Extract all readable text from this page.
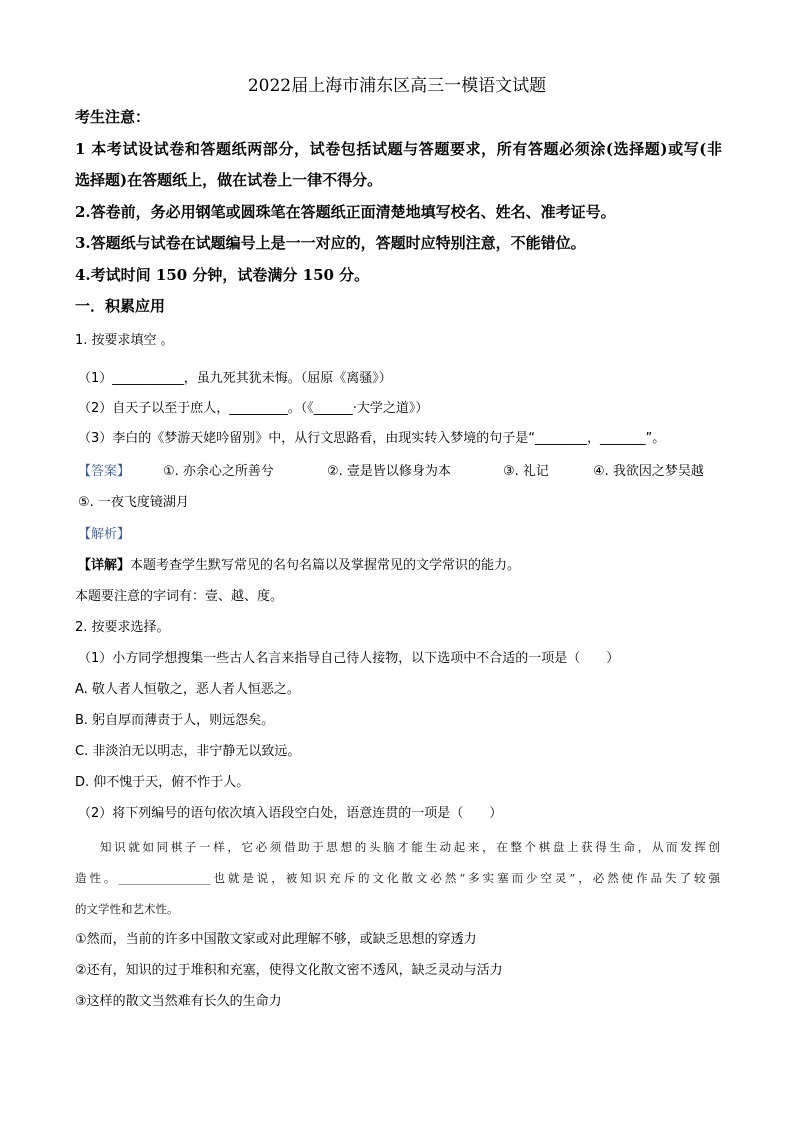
2022届上海市浦东区高三一模语文试题
考生注意：
1 本考试设试卷和答题纸两部分，试卷包括试题与答题要求，所有答题必须涂(选择题)或写(非
选择题)在答题纸上，做在试卷上一律不得分。
2.答卷前，务必用钢笔或圆珠笔在答题纸正面清楚地填写校名、姓名、准考证号。
3.答题纸与试卷在试题编号上是一一对应的，答题时应特别注意，不能错位。
4.考试时间 150 分钟，试卷满分 150 分。
一．积累应用
1. 按要求填空 。
（1）___________，虽九死其犹未悔。（屈原《离骚》）
（2）自天子以至于庶人，_________。（《______·大学之道》）
（3）李白的《梦游天姥吟留别》中，从行文思路看，由现实转入梦境的句子是“________，_______”。
【答案】	①. 亦余心之所善兮	②. 壹是皆以修身为本	③. 礼记	④. 我欲因之梦吴越
⑤. 一夜飞度镜湖月
【解析】
【详解】本题考查学生默写常见的名句名篇以及掌握常见的文学常识的能力。
本题要注意的字词有：壹、越、度。
2. 按要求选择。
（1）小方同学想搜集一些古人名言来指导自己待人接物，以下选项中不合适的一项是（　　）
A. 敬人者人恒敬之，恶人者人恒恶之。
B. 躬自厚而薄责于人，则远怨矣。
C. 非淡泊无以明志，非宁静无以致远。
D. 仰不愧于天，俯不怍于人。
（2）将下列编号的语句依次填入语段空白处，语意连贯的一项是（　　）
知识就如同棋子一样，它必须借助于思想的头脑才能生动起来，在整个棋盘上获得生命，从而发挥创
造性。________________也就是说，被知识充斥的文化散文必然“多实塞而少空灵”，必然使作品失了较强
的文学性和艺术性。
①然而，当前的许多中国散文家或对此理解不够，或缺乏思想的穿透力
②还有，知识的过于堆积和充塞，使得文化散文密不透风，缺乏灵动与活力
③这样的散文当然难有长久的生命力
